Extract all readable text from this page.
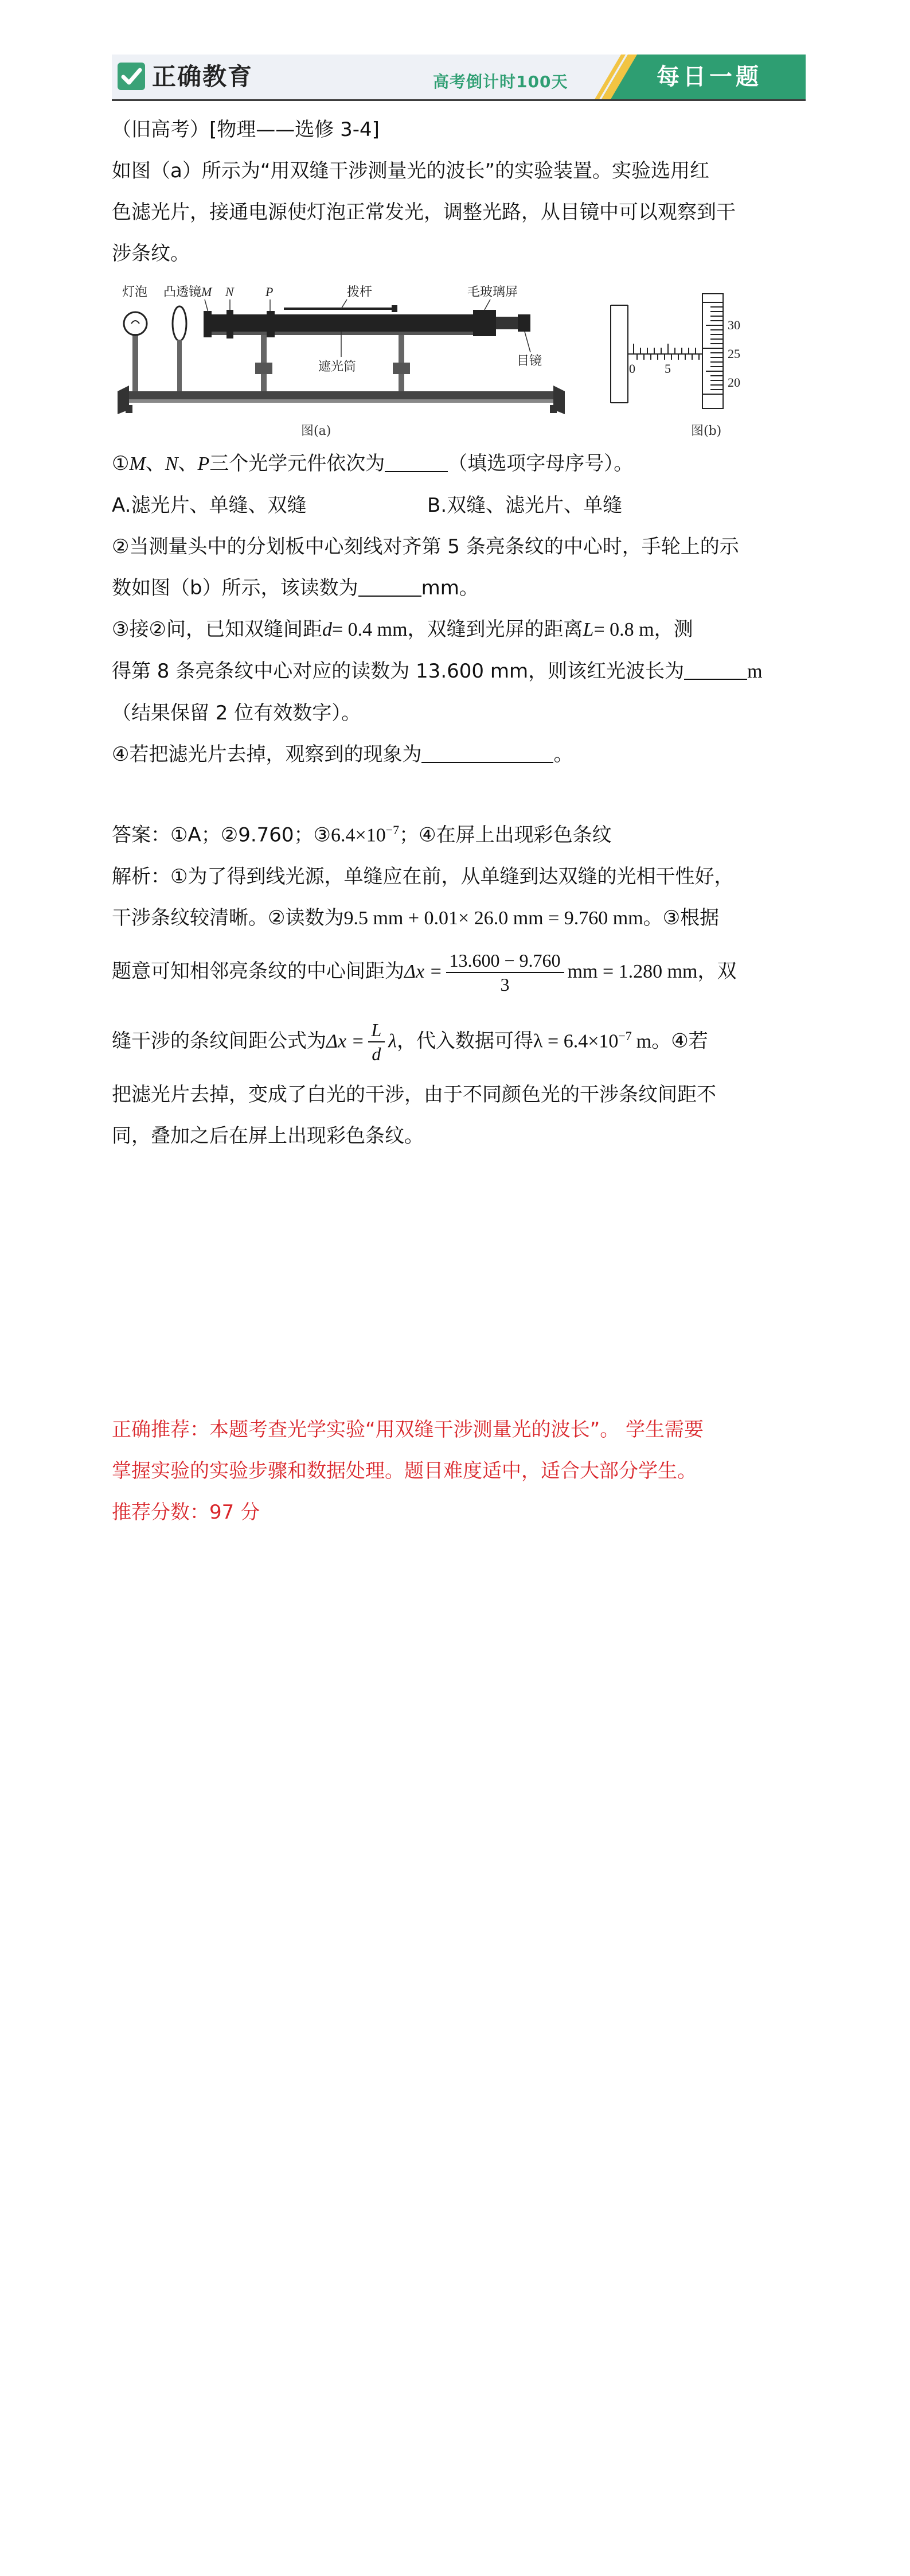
正确教育	高考倒计时100天	每日一题
（旧高考）[物理——选修 3-4]
如图（a）所示为“用双缝干涉测量光的波长”的实验装置。实验选用红
色滤光片，接通电源使灯泡正常发光，调整光路，从目镜中可以观察到干
涉条纹。
灯泡 凸透镜 M N	P	拨杆
遮光筒
毛玻璃屏
目镜
图(a)
0 5
30
25
20
图(b)
①M、N、P三个光学元件依次为	（填选项字母序号）。
A.滤光片、单缝、双缝	B.双缝、滤光片、单缝
②当测量头中的分划板中心刻线对齐第 5 条亮条纹的中心时，手轮上的示
数如图（b）所示，该读数为	mm。
③接②问，已知双缝间距d= 0.4 mm，双缝到光屏的距离L= 0.8 m，测
得第 8 条亮条纹中心对应的读数为 13.600 mm，则该红光波长为	m
（结果保留 2 位有效数字）。
④若把滤光片去掉，观察到的现象为	。
答案：①A；②9.760；$③6.4\times 10^{-7}$；④在屏上出现彩色条纹
解析：①为了得到线光源，单缝应在前，从单缝到达双缝的光相干性好，
干涉条纹较清晰。②读数为9.5 mm + 0.01× 26.0 mm = 9.760 mm。③根据
题意可知相邻亮条纹的中心间距为$\Delta x = \frac{13.600 - 9.760}{3}$ mm = 1.280 mm，双
缝干涉的条纹间距公式为$\Delta x = \frac{L}{d}$ λ，代入数据可得$\lambda = 6.4\times 10^{-7}$ m。④若
把滤光片去掉，变成了白光的干涉，由于不同颜色光的干涉条纹间距不
同，叠加之后在屏上出现彩色条纹。
正确推荐：本题考查光学实验“用双缝干涉测量光的波长”。 学生需要
掌握实验的实验步骤和数据处理。题目难度适中，适合大部分学生。
推荐分数：97 分
